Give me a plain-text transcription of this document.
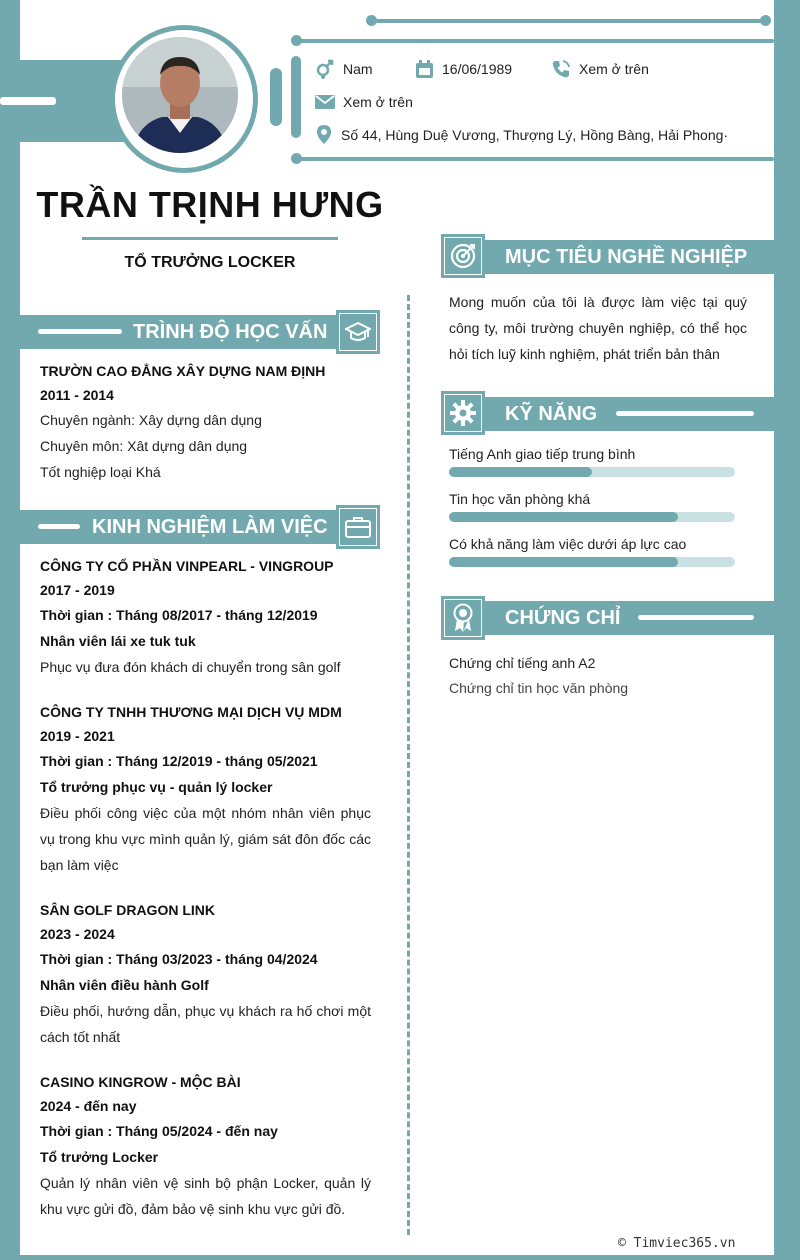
Nam	16/06/1989	Xem ở trên
Xem ở trên
Số 44, Hùng Duệ Vương, Thượng Lý, Hồng Bàng, Hải Phong·
TRẦN TRỊNH HƯNG
TỔ TRƯỞNG LOCKER
TRÌNH ĐỘ HỌC VẤN
TRƯỜN CAO ĐẲNG XÂY DỰNG NAM ĐỊNH
2011 - 2014
Chuyên ngành: Xây dựng dân dụng
Chuyên môn: Xât dựng dân dụng
Tốt nghiệp loại Khá
KINH NGHIỆM LÀM VIỆC
CÔNG TY CỔ PHẦN VINPEARL - VINGROUP
2017 - 2019
Thời gian : Tháng 08/2017 - tháng 12/2019
Nhân viên lái xe tuk tuk
Phục vụ đưa đón khách di chuyển trong sân golf
CÔNG TY TNHH THƯƠNG MẠI DỊCH VỤ MDM
2019 - 2021
Thời gian : Tháng 12/2019 - tháng 05/2021
Tổ trưởng phục vụ - quản lý locker
Điều phối công việc của một nhóm nhân viên phục vụ trong khu vực mình quản lý, giám sát đôn đốc các bạn làm việc
SÂN GOLF DRAGON LINK
2023 - 2024
Thời gian : Tháng 03/2023 - tháng 04/2024
Nhân viên điều hành Golf
Điều phối, hướng dẫn, phục vụ khách ra hố chơi một cách tốt nhất
CASINO KINGROW - MỘC BÀI
2024 - đến nay
Thời gian : Tháng 05/2024 - đến nay
Tổ trưởng Locker
Quản lý nhân viên vệ sinh bộ phận Locker, quản lý khu vực gửi đồ, đảm bảo vệ sinh khu vực gửi đồ.
MỤC TIÊU NGHỀ NGHIỆP
Mong muốn của tôi là được làm việc tại quý công ty, môi trường chuyên nghiệp, có thể học hỏi tích luỹ kinh nghiệm, phát triển bản thân
KỸ NĂNG
Tiếng Anh giao tiếp trung bình
Tin học văn phòng khá
Có khả năng làm việc dưới áp lực cao
CHỨNG CHỈ
Chứng chỉ tiếng anh A2
Chứng chỉ tin học văn phòng
© Timviec365.vn
